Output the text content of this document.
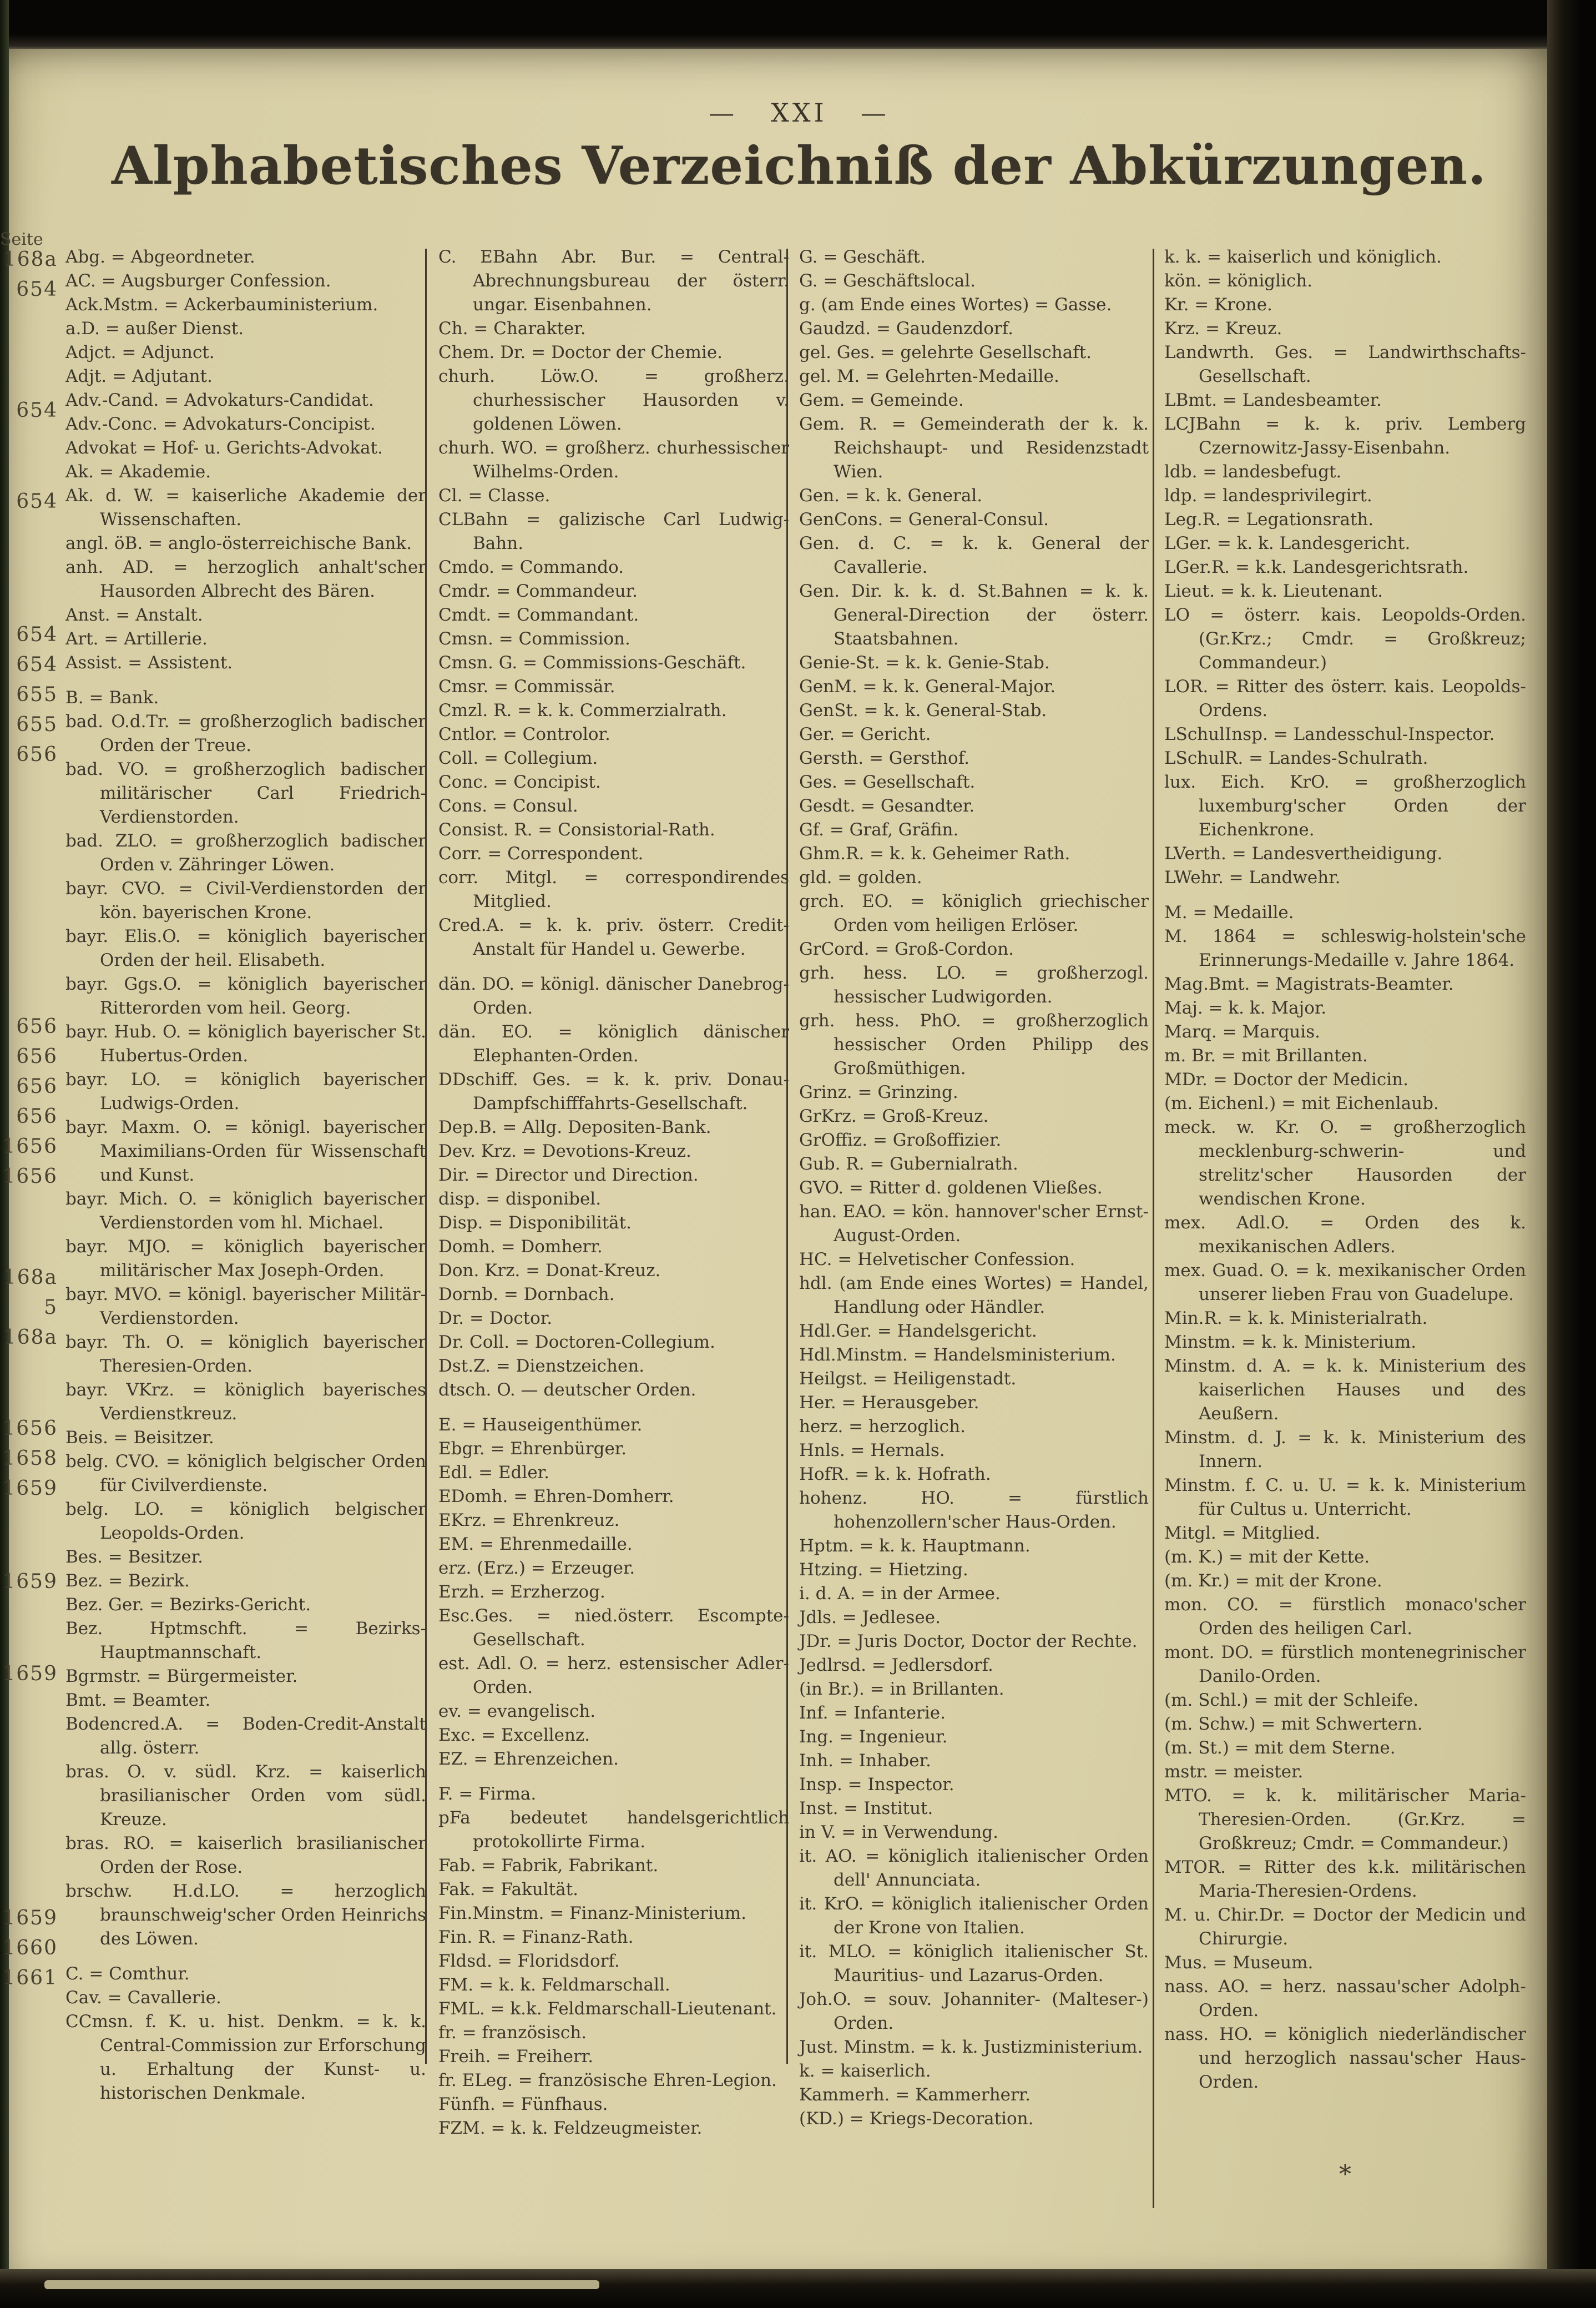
— XXI —
Alphabetisches Verzeichniß der Abkürzungen.
Seite
168a
654
654
654
654
654
655
655
656
656
656
656
656
1656
1656
168a
5
168a
1656
1658
1659
1659
1659
1659
1660
1661

Abg. = Abgeordneter.

AC. = Augsburger Confession.

Ack.Mstm. = Ackerbauministerium.

a.D. = außer Dienst.

Adjct. = Adjunct.

Adjt. = Adjutant.

Adv.-Cand. = Advokaturs-Candidat.

Adv.-Conc. = Advokaturs-Concipist.

Advokat = Hof- u. Gerichts-Advokat.

Ak. = Akademie.

Ak. d. W. = kaiserliche Akademie der Wissenschaften.

angl. öB. = anglo-österreichische Bank.

anh. AD. = herzoglich anhalt'scher Hausorden Albrecht des Bären.

Anst. = Anstalt.

Art. = Artillerie.

Assist. = Assistent.

B. = Bank.

bad. O.d.Tr. = großherzoglich badischer Orden der Treue.

bad. VO. = großherzoglich badischer militärischer Carl Friedrich-Verdienstorden.

bad. ZLO. = großherzoglich badischer Orden v. Zähringer Löwen.

bayr. CVO. = Civil-Verdienstorden der kön. bayerischen Krone.

bayr. Elis.O. = königlich bayerischer Orden der heil. Elisabeth.

bayr. Ggs.O. = königlich bayerischer Ritterorden vom heil. Georg.

bayr. Hub. O. = königlich bayerischer St. Hubertus-Orden.

bayr. LO. = königlich bayerischer Ludwigs-Orden.

bayr. Maxm. O. = königl. bayerischer Maximilians-Orden für Wissenschaft und Kunst.

bayr. Mich. O. = königlich bayerischer Verdienstorden vom hl. Michael.

bayr. MJO. = königlich bayerischer militärischer Max Joseph-Orden.

bayr. MVO. = königl. bayerischer Militär-Verdienstorden.

bayr. Th. O. = königlich bayerischer Theresien-Orden.

bayr. VKrz. = königlich bayerisches Verdienstkreuz.

Beis. = Beisitzer.

belg. CVO. = königlich belgischer Orden für Civilverdienste.

belg. LO. = königlich belgischer Leopolds-Orden.

Bes. = Besitzer.

Bez. = Bezirk.

Bez. Ger. = Bezirks-Gericht.

Bez. Hptmschft. = Bezirks-Hauptmannschaft.

Bgrmstr. = Bürgermeister.

Bmt. = Beamter.

Bodencred.A. = Boden-Credit-Anstalt allg. österr.

bras. O. v. südl. Krz. = kaiserlich brasilianischer Orden vom südl. Kreuze.

bras. RO. = kaiserlich brasilianischer Orden der Rose.

brschw. H.d.LO. = herzoglich braunschweig'scher Orden Heinrichs des Löwen.

C. = Comthur.

Cav. = Cavallerie.

CCmsn. f. K. u. hist. Denkm. = k. k. Central-Commission zur Erforschung u. Erhaltung der Kunst- u. historischen Denkmale.

C. EBahn Abr. Bur. = Central-Abrechnungsbureau der österr. ungar. Eisenbahnen.

Ch. = Charakter.

Chem. Dr. = Doctor der Chemie.

churh. Löw.O. = großherz. churhessischer Hausorden v. goldenen Löwen.

churh. WO. = großherz. churhessischer Wilhelms-Orden.

Cl. = Classe.

CLBahn = galizische Carl Ludwig-Bahn.

Cmdo. = Commando.

Cmdr. = Commandeur.

Cmdt. = Commandant.

Cmsn. = Commission.

Cmsn. G. = Commissions-Geschäft.

Cmsr. = Commissär.

Cmzl. R. = k. k. Commerzialrath.

Cntlor. = Controlor.

Coll. = Collegium.

Conc. = Concipist.

Cons. = Consul.

Consist. R. = Consistorial-Rath.

Corr. = Correspondent.

corr. Mitgl. = correspondirendes Mitglied.

Cred.A. = k. k. priv. österr. Credit-Anstalt für Handel u. Gewerbe.

dän. DO. = königl. dänischer Danebrog-Orden.

dän. EO. = königlich dänischer Elephanten-Orden.

DDschiff. Ges. = k. k. priv. Donau-Dampfschifffahrts-Gesellschaft.

Dep.B. = Allg. Depositen-Bank.

Dev. Krz. = Devotions-Kreuz.

Dir. = Director und Direction.

disp. = disponibel.

Disp. = Disponibilität.

Domh. = Domherr.

Don. Krz. = Donat-Kreuz.

Dornb. = Dornbach.

Dr. = Doctor.

Dr. Coll. = Doctoren-Collegium.

Dst.Z. = Dienstzeichen.

dtsch. O. — deutscher Orden.

E. = Hauseigenthümer.

Ebgr. = Ehrenbürger.

Edl. = Edler.

EDomh. = Ehren-Domherr.

EKrz. = Ehrenkreuz.

EM. = Ehrenmedaille.

erz. (Erz.) = Erzeuger.

Erzh. = Erzherzog.

Esc.Ges. = nied.österr. Escompte-Gesellschaft.

est. Adl. O. = herz. estensischer Adler-Orden.

ev. = evangelisch.

Exc. = Excellenz.

EZ. = Ehrenzeichen.

F. = Firma.

pFa bedeutet handelsgerichtlich protokollirte Firma.

Fab. = Fabrik, Fabrikant.

Fak. = Fakultät.

Fin.Minstm. = Finanz-Ministerium.

Fin. R. = Finanz-Rath.

Fldsd. = Floridsdorf.

FM. = k. k. Feldmarschall.

FML. = k.k. Feldmarschall-Lieutenant.

fr. = französisch.

Freih. = Freiherr.

fr. ELeg. = französische Ehren-Legion.

Fünfh. = Fünfhaus.

FZM. = k. k. Feldzeugmeister.

G. = Geschäft.

G. = Geschäftslocal.

g. (am Ende eines Wortes) = Gasse.

Gaudzd. = Gaudenzdorf.

gel. Ges. = gelehrte Gesellschaft.

gel. M. = Gelehrten-Medaille.

Gem. = Gemeinde.

Gem. R. = Gemeinderath der k. k. Reichshaupt- und Residenzstadt Wien.

Gen. = k. k. General.

GenCons. = General-Consul.

Gen. d. C. = k. k. General der Cavallerie.

Gen. Dir. k. k. d. St.Bahnen = k. k. General-Direction der österr. Staatsbahnen.

Genie-St. = k. k. Genie-Stab.

GenM. = k. k. General-Major.

GenSt. = k. k. General-Stab.

Ger. = Gericht.

Gersth. = Gersthof.

Ges. = Gesellschaft.

Gesdt. = Gesandter.

Gf. = Graf, Gräfin.

Ghm.R. = k. k. Geheimer Rath.

gld. = golden.

grch. EO. = königlich griechischer Orden vom heiligen Erlöser.

GrCord. = Groß-Cordon.

grh. hess. LO. = großherzogl. hessischer Ludwigorden.

grh. hess. PhO. = großherzoglich hessischer Orden Philipp des Großmüthigen.

Grinz. = Grinzing.

GrKrz. = Groß-Kreuz.

GrOffiz. = Großoffizier.

Gub. R. = Gubernialrath.

GVO. = Ritter d. goldenen Vließes.

han. EAO. = kön. hannover'scher Ernst-August-Orden.

HC. = Helvetischer Confession.

hdl. (am Ende eines Wortes) = Handel, Handlung oder Händler.

Hdl.Ger. = Handelsgericht.

Hdl.Minstm. = Handelsministerium.

Heilgst. = Heiligenstadt.

Her. = Herausgeber.

herz. = herzoglich.

Hnls. = Hernals.

HofR. = k. k. Hofrath.

hohenz. HO. = fürstlich hohenzollern'scher Haus-Orden.

Hptm. = k. k. Hauptmann.

Htzing. = Hietzing.

i. d. A. = in der Armee.

Jdls. = Jedlesee.

JDr. = Juris Doctor, Doctor der Rechte.

Jedlrsd. = Jedlersdorf.

(in Br.). = in Brillanten.

Inf. = Infanterie.

Ing. = Ingenieur.

Inh. = Inhaber.

Insp. = Inspector.

Inst. = Institut.

in V. = in Verwendung.

it. AO. = königlich italienischer Orden dell' Annunciata.

it. KrO. = königlich italienischer Orden der Krone von Italien.

it. MLO. = königlich italienischer St. Mauritius- und Lazarus-Orden.

Joh.O. = souv. Johanniter- (Malteser-) Orden.

Just. Minstm. = k. k. Justizministerium.

k. = kaiserlich.

Kammerh. = Kammerherr.

(KD.) = Kriegs-Decoration.

k. k. = kaiserlich und königlich.

kön. = königlich.

Kr. = Krone.

Krz. = Kreuz.

Landwrth. Ges. = Landwirthschafts-Gesellschaft.

LBmt. = Landesbeamter.

LCJBahn = k. k. priv. Lemberg Czernowitz-Jassy-Eisenbahn.

ldb. = landesbefugt.

ldp. = landesprivilegirt.

Leg.R. = Legationsrath.

LGer. = k. k. Landesgericht.

LGer.R. = k.k. Landesgerichtsrath.

Lieut. = k. k. Lieutenant.

LO = österr. kais. Leopolds-Orden. (Gr.Krz.; Cmdr. = Großkreuz; Commandeur.)

LOR. = Ritter des österr. kais. Leopolds-Ordens.

LSchulInsp. = Landesschul-Inspector.

LSchulR. = Landes-Schulrath.

lux. Eich. KrO. = großherzoglich luxemburg'scher Orden der Eichenkrone.

LVerth. = Landesvertheidigung.

LWehr. = Landwehr.

M. = Medaille.

M. 1864 = schleswig-holstein'sche Erinnerungs-Medaille v. Jahre 1864.

Mag.Bmt. = Magistrats-Beamter.

Maj. = k. k. Major.

Marq. = Marquis.

m. Br. = mit Brillanten.

MDr. = Doctor der Medicin.

(m. Eichenl.) = mit Eichenlaub.

meck. w. Kr. O. = großherzoglich mecklenburg-schwerin- und strelitz'scher Hausorden der wendischen Krone.

mex. Adl.O. = Orden des k. mexikanischen Adlers.

mex. Guad. O. = k. mexikanischer Orden unserer lieben Frau von Guadelupe.

Min.R. = k. k. Ministerialrath.

Minstm. = k. k. Ministerium.

Minstm. d. A. = k. k. Ministerium des kaiserlichen Hauses und des Aeußern.

Minstm. d. J. = k. k. Ministerium des Innern.

Minstm. f. C. u. U. = k. k. Ministerium für Cultus u. Unterricht.

Mitgl. = Mitglied.

(m. K.) = mit der Kette.

(m. Kr.) = mit der Krone.

mon. CO. = fürstlich monaco'scher Orden des heiligen Carl.

mont. DO. = fürstlich montenegrinischer Danilo-Orden.

(m. Schl.) = mit der Schleife.

(m. Schw.) = mit Schwertern.

(m. St.) = mit dem Sterne.

mstr. = meister.

MTO. = k. k. militärischer Maria-Theresien-Orden. (Gr.Krz. = Großkreuz; Cmdr. = Commandeur.)

MTOR. = Ritter des k.k. militärischen Maria-Theresien-Ordens.

M. u. Chir.Dr. = Doctor der Medicin und Chirurgie.

Mus. = Museum.

nass. AO. = herz. nassau'scher Adolph-Orden.

nass. HO. = königlich niederländischer und herzoglich nassau'scher Haus-Orden.

*
